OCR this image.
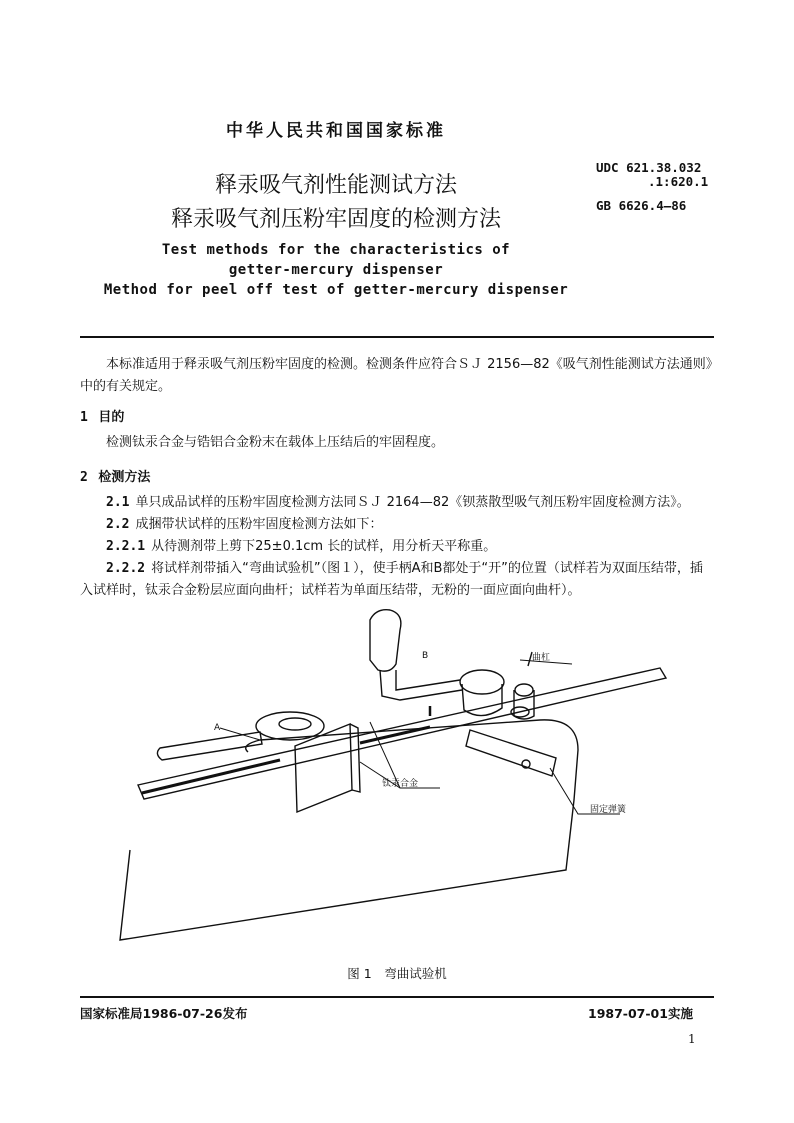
中华人民共和国国家标准
释汞吸气剂性能测试方法
释汞吸气剂压粉牢固度的检测方法
Test methods for the characteristics of
getter-mercury dispenser
Method for peel off test of getter-mercury dispenser
UDC 621.38.032
.1:620.1
GB 6626.4—86
本标准适用于释汞吸气剂压粉牢固度的检测。检测条件应符合ＳＪ 2156—82《吸气剂性能测试方法通则》中的有关规定。
1 目的
检测钛汞合金与锆铝合金粉末在载体上压结后的牢固程度。
2 检测方法
2.1 单只成品试样的压粉牢固度检测方法同ＳＪ 2164—82《钡蒸散型吸气剂压粉牢固度检测方法》。
2.2 成捆带状试样的压粉牢固度检测方法如下：
2.2.1 从待测剂带上剪下25±0.1cm 长的试样，用分析天平称重。
2.2.2 将试样剂带插入“弯曲试验机”（图１），使手柄A和B都处于“开”的位置（试样若为双面压结带，插入试样时，钛汞合金粉层应面向曲杆；试样若为单面压结带，无粉的一面应面向曲杆）。
A
B	曲杠
钛汞合金
固定弹簧
图 1　弯曲试验机
国家标准局1986-07-26发布	1987-07-01实施
1
